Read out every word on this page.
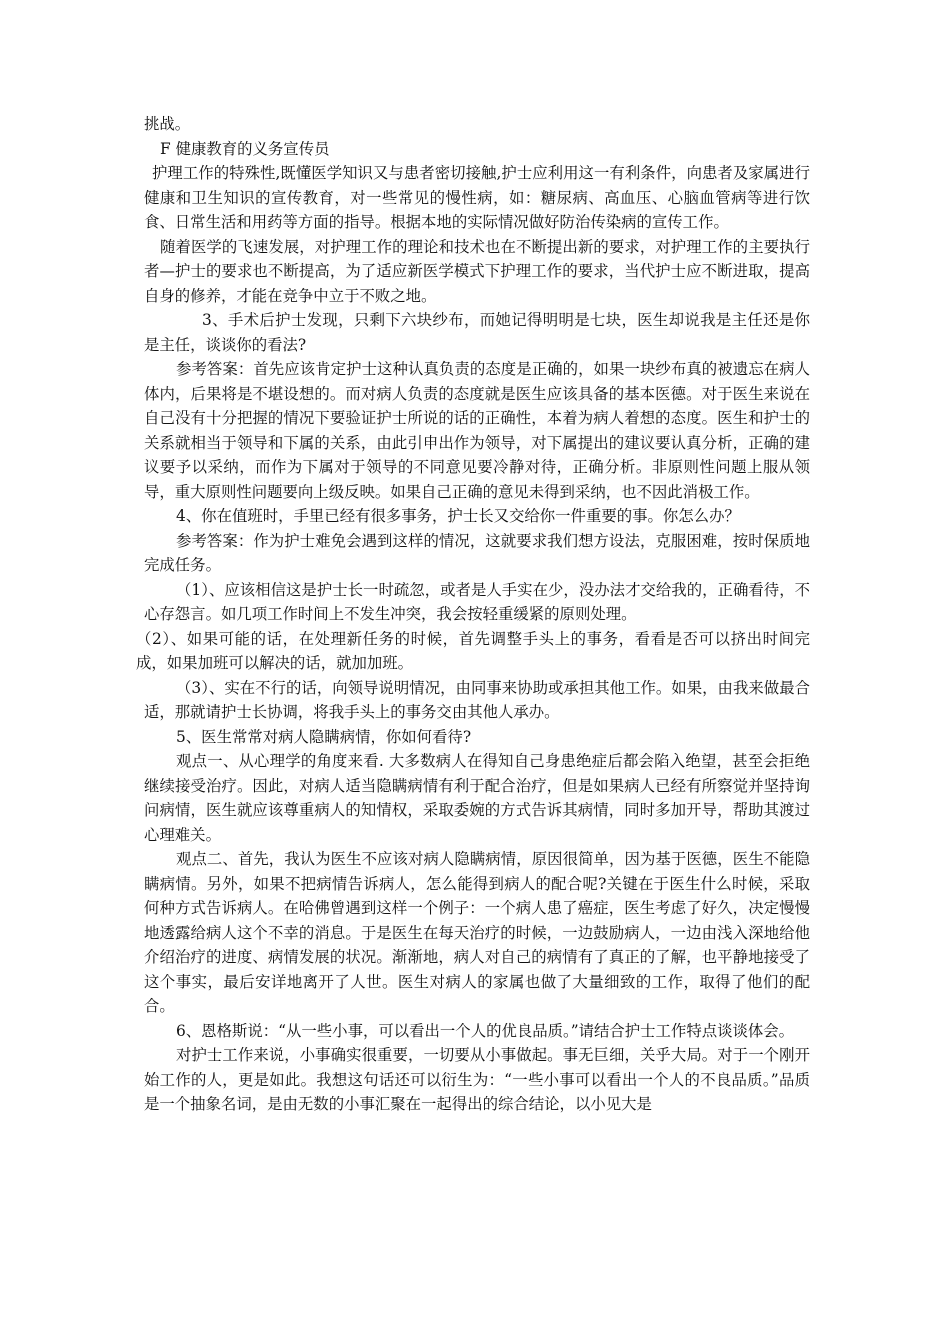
挑战。

F 健康教育的义务宣传员

护理工作的特殊性,既懂医学知识又与患者密切接触,护士应利用这一有利条件，向患者及家属进行健康和卫生知识的宣传教育，对一些常见的慢性病，如：糖尿病、高血压、心脑血管病等进行饮食、日常生活和用药等方面的指导。根据本地的实际情况做好防治传染病的宣传工作。

随着医学的飞速发展，对护理工作的理论和技术也在不断提出新的要求，对护理工作的主要执行者—护士的要求也不断提高，为了适应新医学模式下护理工作的要求，当代护士应不断进取，提高自身的修养，才能在竞争中立于不败之地。

3、手术后护士发现，只剩下六块纱布，而她记得明明是七块，医生却说我是主任还是你是主任，谈谈你的看法?

参考答案：首先应该肯定护士这种认真负责的态度是正确的，如果一块纱布真的被遗忘在病人体内，后果将是不堪设想的。而对病人负责的态度就是医生应该具备的基本医德。对于医生来说在自己没有十分把握的情况下要验证护士所说的话的正确性，本着为病人着想的态度。医生和护士的关系就相当于领导和下属的关系，由此引申出作为领导，对下属提出的建议要认真分析，正确的建议要予以采纳，而作为下属对于领导的不同意见要冷静对待，正确分析。非原则性问题上服从领导，重大原则性问题要向上级反映。如果自己正确的意见未得到采纳，也不因此消极工作。

4、你在值班时，手里已经有很多事务，护士长又交给你一件重要的事。你怎么办？

参考答案：作为护士难免会遇到这样的情况，这就要求我们想方设法，克服困难，按时保质地完成任务。

（1）、应该相信这是护士长一时疏忽，或者是人手实在少，没办法才交给我的，正确看待，不心存怨言。如几项工作时间上不发生冲突，我会按轻重缓紧的原则处理。

（2）、如果可能的话，在处理新任务的时候，首先调整手头上的事务，看看是否可以挤出时间完成，如果加班可以解决的话，就加加班。

（3）、实在不行的话，向领导说明情况，由同事来协助或承担其他工作。如果，由我来做最合适，那就请护士长协调，将我手头上的事务交由其他人承办。

5、医生常常对病人隐瞒病情，你如何看待?

观点一、从心理学的角度来看. 大多数病人在得知自己身患绝症后都会陷入绝望，甚至会拒绝继续接受治疗。因此，对病人适当隐瞒病情有利于配合治疗，但是如果病人已经有所察觉并坚持询问病情，医生就应该尊重病人的知情权，采取委婉的方式告诉其病情，同时多加开导，帮助其渡过心理难关。

观点二、首先，我认为医生不应该对病人隐瞒病情，原因很简单，因为基于医德，医生不能隐瞒病情。另外，如果不把病情告诉病人，怎么能得到病人的配合呢?关键在于医生什么时候，采取何种方式告诉病人。在哈佛曾遇到这样一个例子：一个病人患了癌症，医生考虑了好久，决定慢慢地透露给病人这个不幸的消息。于是医生在每天治疗的时候，一边鼓励病人，一边由浅入深地给他介绍治疗的进度、病情发展的状况。渐渐地，病人对自己的病情有了真正的了解，也平静地接受了这个事实，最后安详地离开了人世。医生对病人的家属也做了大量细致的工作，取得了他们的配合。

6、恩格斯说：“从一些小事，可以看出一个人的优良品质。”请结合护士工作特点谈谈体会。

对护士工作来说，小事确实很重要，一切要从小事做起。事无巨细，关乎大局。对于一个刚开始工作的人，更是如此。我想这句话还可以衍生为：“一些小事可以看出一个人的不良品质。”品质是一个抽象名词，是由无数的小事汇聚在一起得出的综合结论，以小见大是
